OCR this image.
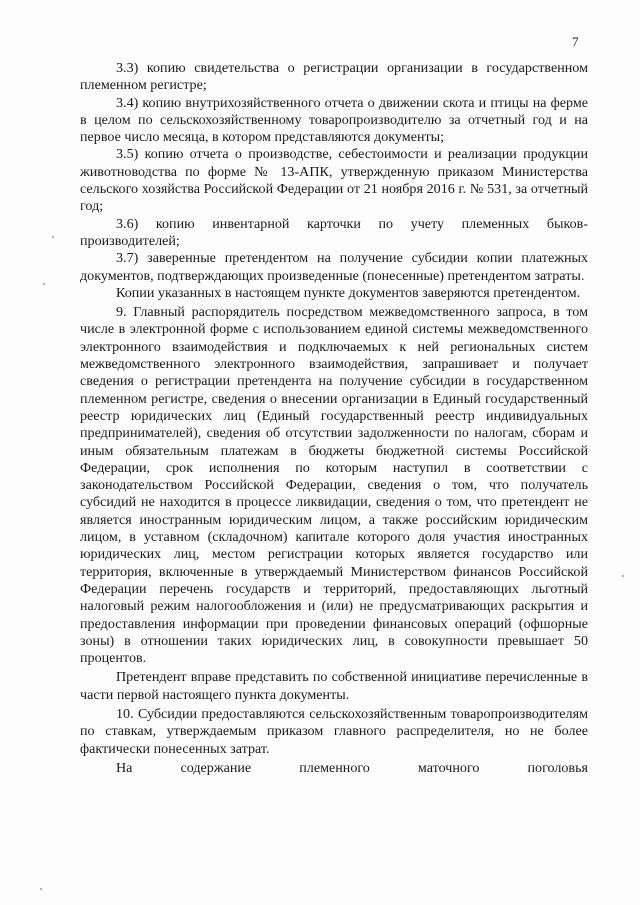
7

3.3) копию свидетельства о регистрации организации в государственном племенном регистре;

3.4) копию внутрихозяйственного отчета о движении скота и птицы на ферме в целом по сельскохозяйственному товаропроизводителю за отчетный год и на первое число месяца, в котором представляются документы;

3.5) копию отчета о производстве, себестоимости и реализации продукции животноводства по форме № 13-АПК, утвержденную приказом Министерства сельского хозяйства Российской Федерации от 21 ноября 2016 г. № 531, за отчетный год;

3.6) копию инвентарной карточки по учету племенных быков-производителей;

3.7) заверенные претендентом на получение субсидии копии платежных документов, подтверждающих произведенные (понесенные) претендентом затраты.

Копии указанных в настоящем пункте документов заверяются претендентом.

9. Главный распорядитель посредством межведомственного запроса, в том числе в электронной форме с использованием единой системы межведомственного электронного взаимодействия и подключаемых к ней региональных систем межведомственного электронного взаимодействия, запрашивает и получает сведения о регистрации претендента на получение субсидии в государственном племенном регистре, сведения о внесении организации в Единый государственный реестр юридических лиц (Единый государственный реестр индивидуальных предпринимателей), сведения об отсутствии задолженности по налогам, сборам и иным обязательным платежам в бюджеты бюджетной системы Российской Федерации, срок исполнения по которым наступил в соответствии с законодательством Российской Федерации, сведения о том, что получатель субсидий не находится в процессе ликвидации, сведения о том, что претендент не является иностранным юридическим лицом, а также российским юридическим лицом, в уставном (складочном) капитале которого доля участия иностранных юридических лиц, местом регистрации которых является государство или территория, включенные в утверждаемый Министерством финансов Российской Федерации перечень государств и территорий, предоставляющих льготный налоговый режим налогообложения и (или) не предусматривающих раскрытия и предоставления информации при проведении финансовых операций (офшорные зоны) в отношении таких юридических лиц, в совокупности превышает 50 процентов.

Претендент вправе представить по собственной инициативе перечисленные в части первой настоящего пункта документы.

10. Субсидии предоставляются сельскохозяйственным товаропроизводителям по ставкам, утверждаемым приказом главного распределителя, но не более фактически понесенных затрат.

На содержание племенного маточного поголовья
